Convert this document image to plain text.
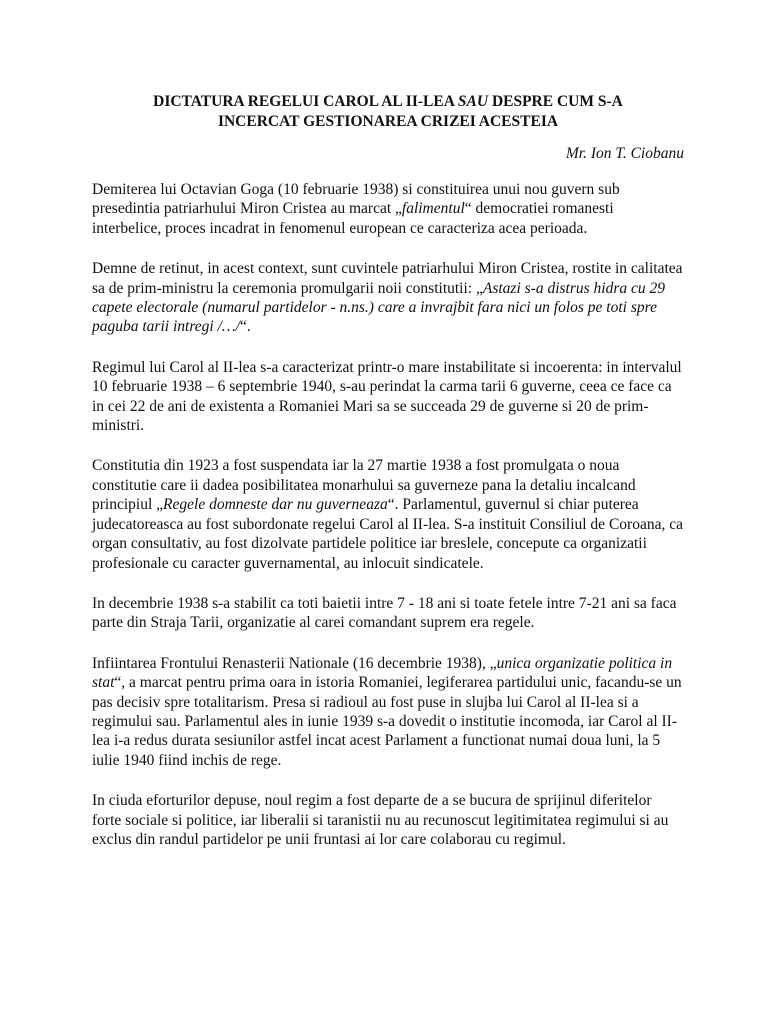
DICTATURA REGELUI CAROL AL II-LEA SAU DESPRE CUM S-A
INCERCAT GESTIONAREA CRIZEI ACESTEIA
Mr. Ion T. Ciobanu

Demiterea lui Octavian Goga (10 februarie 1938) si constituirea unui nou guvern sub presedintia patriarhului Miron Cristea au marcat „falimentul“ democratiei romanesti interbelice, proces incadrat in fenomenul european ce caracteriza acea perioada.

Demne de retinut, in acest context, sunt cuvintele patriarhului Miron Cristea, rostite in calitatea sa de prim-ministru la ceremonia promulgarii noii constitutii: „Astazi s-a distrus hidra cu 29 capete electorale (numarul partidelor - n.ns.) care a invrajbit fara nici un folos pe toti spre paguba tarii intregi /…/“.

Regimul lui Carol al II-lea s-a caracterizat printr-o mare instabilitate si incoerenta: in intervalul 10 februarie 1938 – 6 septembrie 1940, s-au perindat la carma tarii 6 guverne, ceea ce face ca in cei 22 de ani de existenta a Romaniei Mari sa se succeada 29 de guverne si 20 de prim-ministri.

Constitutia din 1923 a fost suspendata iar la 27 martie 1938 a fost promulgata o noua constitutie care ii dadea posibilitatea monarhului sa guverneze pana la detaliu incalcand principiul „Regele domneste dar nu guverneaza“. Parlamentul, guvernul si chiar puterea judecatoreasca au fost subordonate regelui Carol al II-lea. S-a instituit Consiliul de Coroana, ca organ consultativ, au fost dizolvate partidele politice iar breslele, concepute ca organizatii profesionale cu caracter guvernamental, au inlocuit sindicatele.

In decembrie 1938 s-a stabilit ca toti baietii intre 7 - 18 ani si toate fetele intre 7-21 ani sa faca parte din Straja Tarii, organizatie al carei comandant suprem era regele.

Infiintarea Frontului Renasterii Nationale (16 decembrie 1938), „unica organizatie politica in stat“, a marcat pentru prima oara in istoria Romaniei, legiferarea partidului unic, facandu-se un pas decisiv spre totalitarism. Presa si radioul au fost puse in slujba lui Carol al II-lea si a regimului sau. Parlamentul ales in iunie 1939 s-a dovedit o institutie incomoda, iar Carol al II-lea i-a redus durata sesiunilor astfel incat acest Parlament a functionat numai doua luni, la 5 iulie 1940 fiind inchis de rege.

In ciuda eforturilor depuse, noul regim a fost departe de a se bucura de sprijinul diferitelor forte sociale si politice, iar liberalii si taranistii nu au recunoscut legitimitatea regimului si au exclus din randul partidelor pe unii fruntasi ai lor care colaborau cu regimul.
